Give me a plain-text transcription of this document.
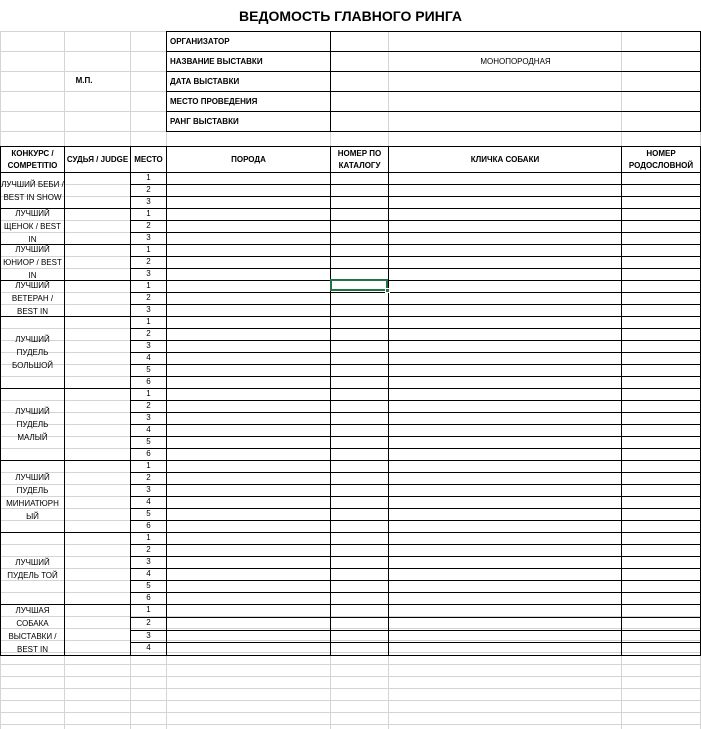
ВЕДОМОСТЬ ГЛАВНОГО РИНГА
ОРГАНИЗАТОР
НАЗВАНИЕ ВЫСТАВКИ	МОНОПОРОДНАЯ
ДАТА ВЫСТАВКИ
МЕСТО ПРОВЕДЕНИЯ
РАНГ ВЫСТАВКИ
М.П.
КОНКУРС / COMPETITIO
СУДЬЯ / JUDGE МЕСТО	ПОРОДА
НОМЕР ПО КАТАЛОГУ
КЛИЧКА СОБАКИ
НОМЕР РОДОСЛОВНОЙ
ЛУЧШИЙ БЕБИ / BEST IN SHOW
1
2
3
ЛУЧШИЙ ЩЕНОК / BEST IN
1
2
3
ЛУЧШИЙ ЮНИОР / BEST IN
1
2
3
ЛУЧШИЙ ВЕТЕРАН / BEST IN
1
2
3
ЛУЧШИЙ ПУДЕЛЬ БОЛЬШОЙ
1
2
3
4
5
6
ЛУЧШИЙ ПУДЕЛЬ МАЛЫЙ
1
2
3
4
5
6
ЛУЧШИЙ ПУДЕЛЬ МИНИАТЮРН ЫЙ
1
2
3
4
5
6
ЛУЧШИЙ ПУДЕЛЬ ТОЙ
1
2
3
4
5
6
ЛУЧШАЯ СОБАКА ВЫСТАВКИ / BEST IN
1
2
3
4
